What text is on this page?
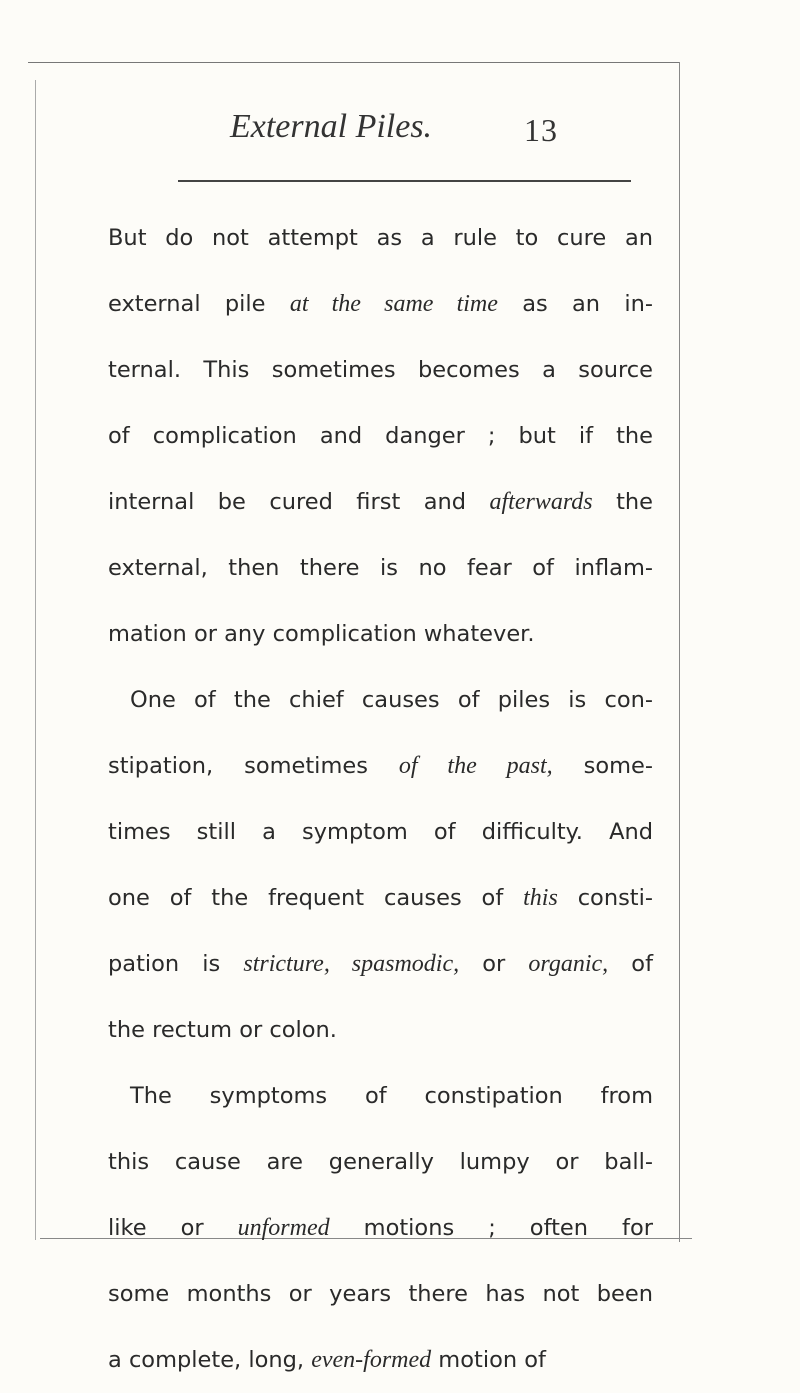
External Piles.	13
But do not attempt as a rule to cure an
external pile at the same time as an in-
ternal. This sometimes becomes a source
of complication and danger ; but if the
internal be cured first and afterwards the
external, then there is no fear of inflam-
mation or any complication whatever.
One of the chief causes of piles is con-
stipation, sometimes of the past, some-
times still a symptom of difficulty. And
one of the frequent causes of this consti-
pation is stricture, spasmodic, or organic, of
the rectum or colon.
The symptoms of constipation from
this cause are generally lumpy or ball-
like or unformed motions ; often for
some months or years there has not been
a complete, long, even-formed motion of
